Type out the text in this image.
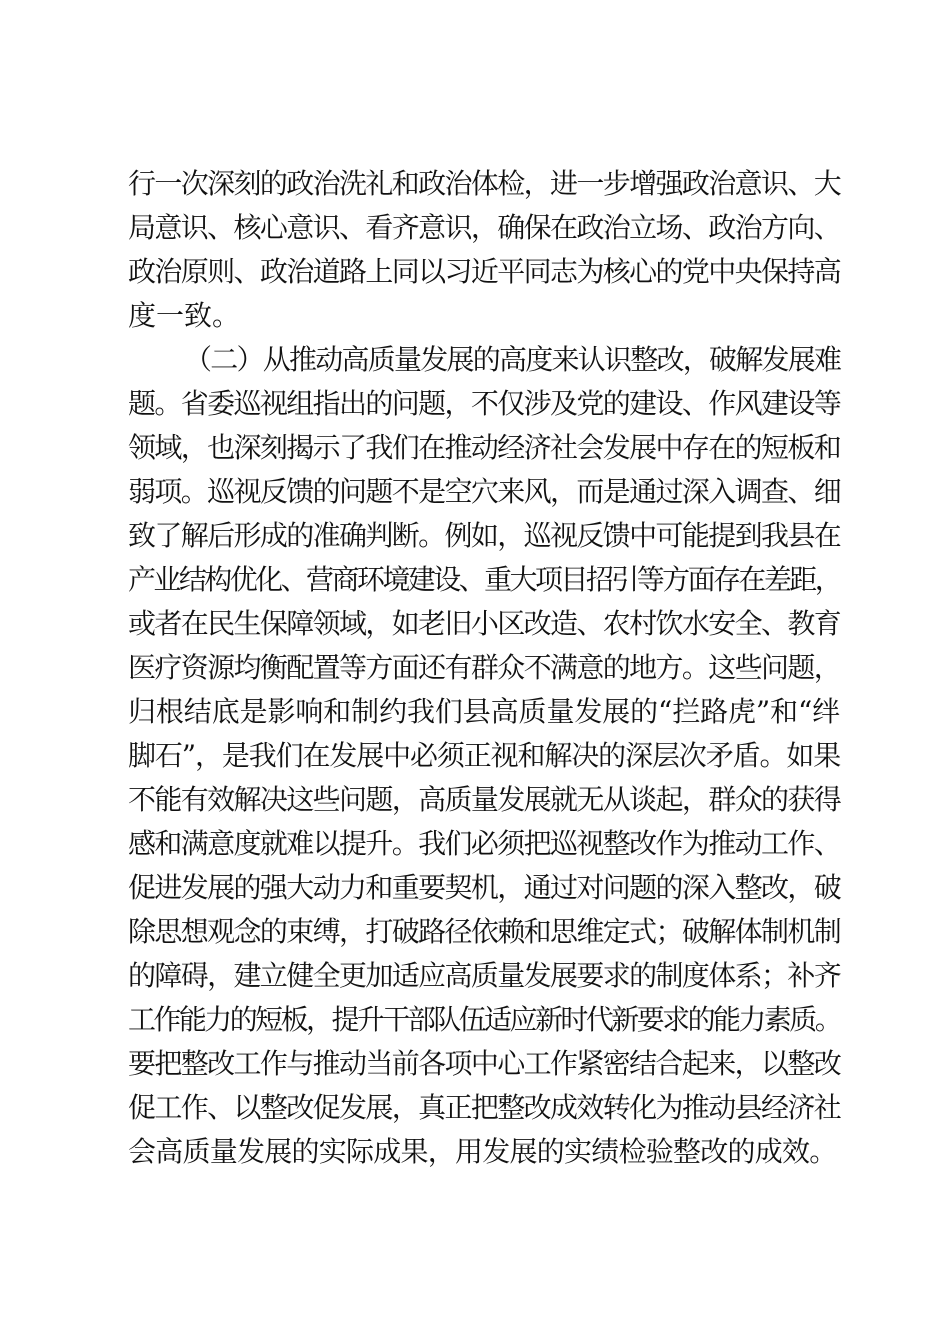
行一次深刻的政治洗礼和政治体检，进一步增强政治意识、大
局意识、核心意识、看齐意识，确保在政治立场、政治方向、
政治原则、政治道路上同以习近平同志为核心的党中央保持高
度一致。
（二）从推动高质量发展的高度来认识整改，破解发展难
题。省委巡视组指出的问题，不仅涉及党的建设、作风建设等
领域，也深刻揭示了我们在推动经济社会发展中存在的短板和
弱项。巡视反馈的问题不是空穴来风，而是通过深入调查、细
致了解后形成的准确判断。例如，巡视反馈中可能提到我县在
产业结构优化、营商环境建设、重大项目招引等方面存在差距，
或者在民生保障领域，如老旧小区改造、农村饮水安全、教育
医疗资源均衡配置等方面还有群众不满意的地方。这些问题，
归根结底是影响和制约我们县高质量发展的“拦路虎”和“绊
脚石”，是我们在发展中必须正视和解决的深层次矛盾。如果
不能有效解决这些问题，高质量发展就无从谈起，群众的获得
感和满意度就难以提升。我们必须把巡视整改作为推动工作、
促进发展的强大动力和重要契机，通过对问题的深入整改，破
除思想观念的束缚，打破路径依赖和思维定式；破解体制机制
的障碍，建立健全更加适应高质量发展要求的制度体系；补齐
工作能力的短板，提升干部队伍适应新时代新要求的能力素质。
要把整改工作与推动当前各项中心工作紧密结合起来，以整改
促工作、以整改促发展，真正把整改成效转化为推动县经济社
会高质量发展的实际成果，用发展的实绩检验整改的成效。
